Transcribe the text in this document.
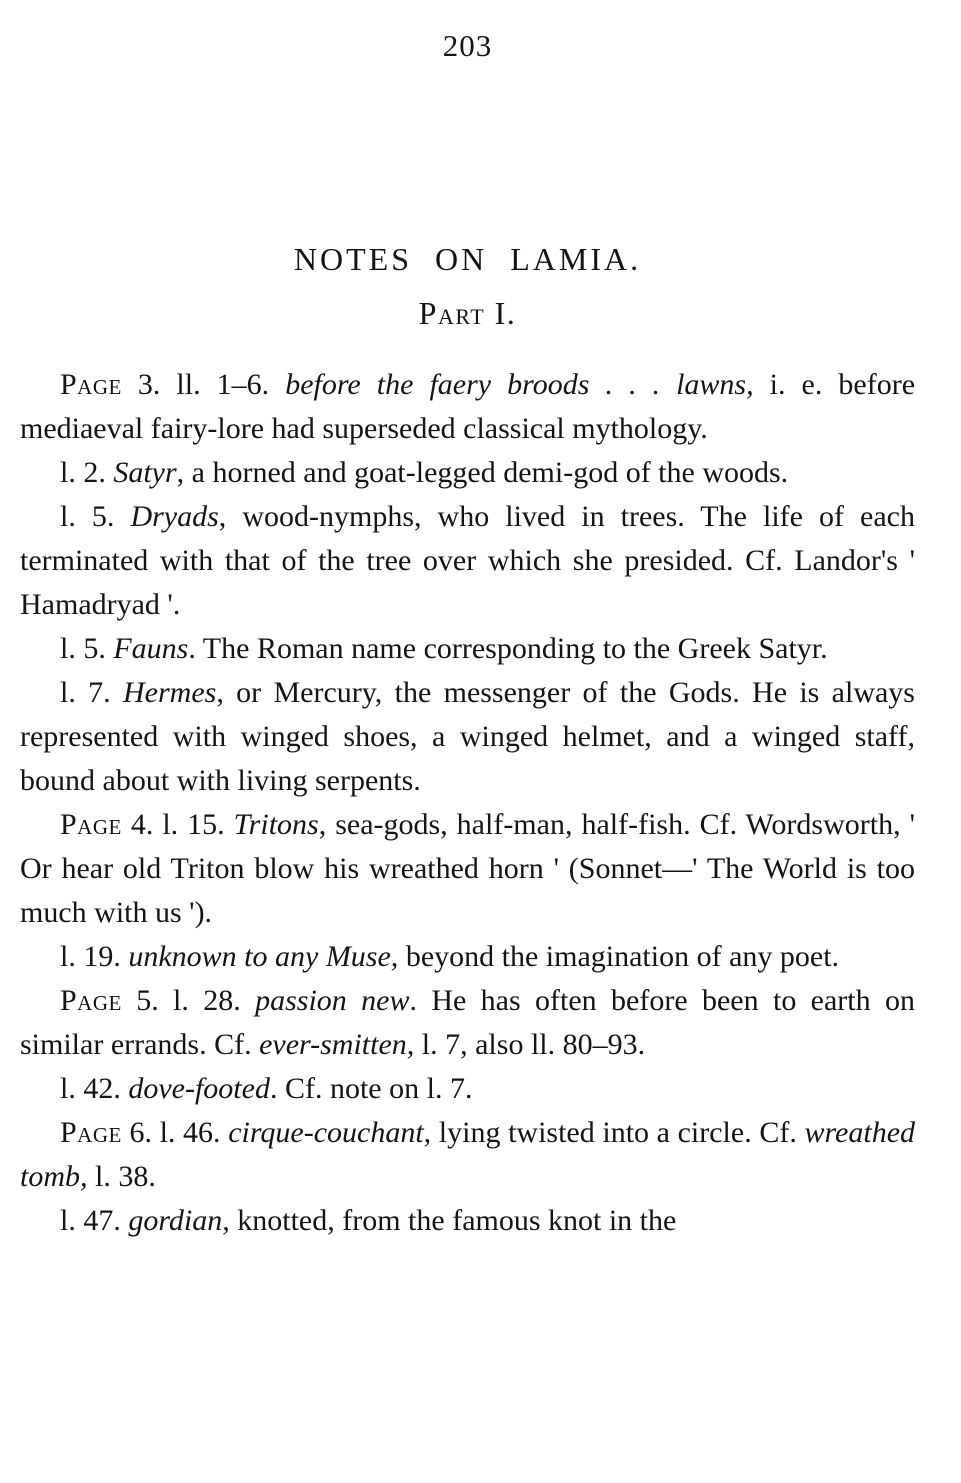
203
NOTES ON LAMIA.
Part I.

Page 3. ll. 1–6. before the faery broods . . . lawns, i. e. before mediaeval fairy-lore had superseded classical mythology.

l. 2. Satyr, a horned and goat-legged demi-god of the woods.

l. 5. Dryads, wood-nymphs, who lived in trees. The life of each terminated with that of the tree over which she presided. Cf. Landor's ' Hamadryad '.

l. 5. Fauns. The Roman name corresponding to the Greek Satyr.

l. 7. Hermes, or Mercury, the messenger of the Gods. He is always represented with winged shoes, a winged helmet, and a winged staff, bound about with living serpents.

Page 4. l. 15. Tritons, sea-gods, half-man, half-fish. Cf. Wordsworth, ' Or hear old Triton blow his wreathed horn ' (Sonnet—' The World is too much with us ').

l. 19. unknown to any Muse, beyond the imagination of any poet.

Page 5. l. 28. passion new. He has often before been to earth on similar errands. Cf. ever-smitten, l. 7, also ll. 80–93.

l. 42. dove-footed. Cf. note on l. 7.

Page 6. l. 46. cirque-couchant, lying twisted into a circle. Cf. wreathed tomb, l. 38.

l. 47. gordian, knotted, from the famous knot in the
